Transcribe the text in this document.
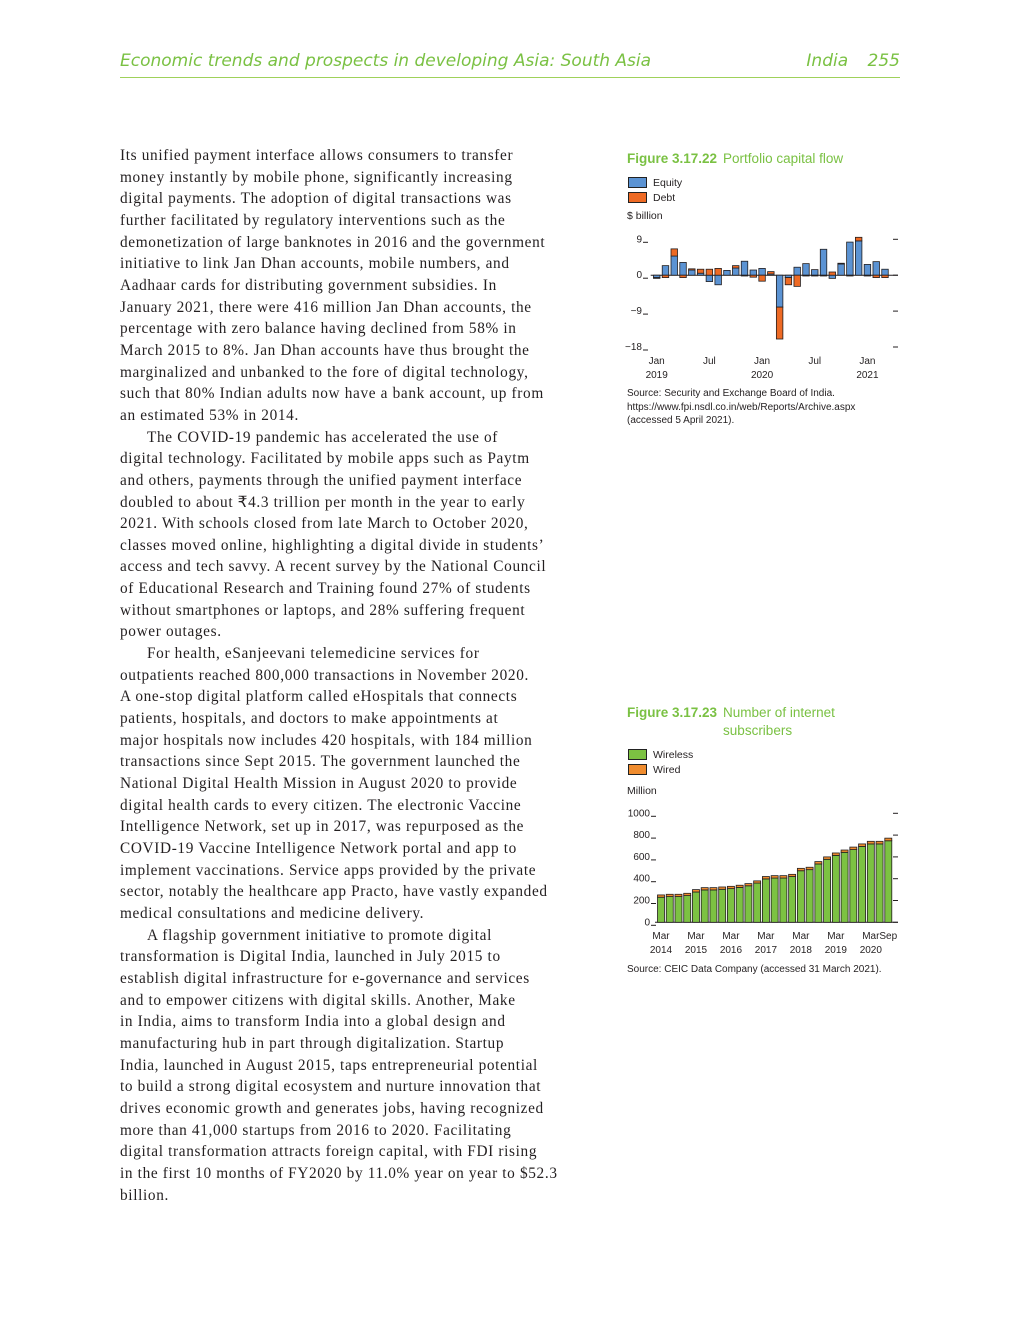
Economic trends and prospects in developing Asia: South Asia	India 255
Its unified payment interface allows consumers to transfer
money instantly by mobile phone, significantly increasing
digital payments. The adoption of digital transactions was
further facilitated by regulatory interventions such as the
demonetization of large banknotes in 2016 and the government
initiative to link Jan Dhan accounts, mobile numbers, and
Aadhaar cards for distributing government subsidies. In
January 2021, there were 416 million Jan Dhan accounts, the
percentage with zero balance having declined from 58% in
March 2015 to 8%. Jan Dhan accounts have thus brought the
marginalized and unbanked to the fore of digital technology,
such that 80% Indian adults now have a bank account, up from
an estimated 53% in 2014.
The COVID-19 pandemic has accelerated the use of
digital technology. Facilitated by mobile apps such as Paytm
and others, payments through the unified payment interface
doubled to about ₹4.3 trillion per month in the year to early
2021. With schools closed from late March to October 2020,
classes moved online, highlighting a digital divide in students’
access and tech savvy. A recent survey by the National Council
of Educational Research and Training found 27% of students
without smartphones or laptops, and 28% suffering frequent
power outages.
For health, eSanjeevani telemedicine services for
outpatients reached 800,000 transactions in November 2020.
A one-stop digital platform called eHospitals that connects
patients, hospitals, and doctors to make appointments at
major hospitals now includes 420 hospitals, with 184 million
transactions since Sept 2015. The government launched the
National Digital Health Mission in August 2020 to provide
digital health cards to every citizen. The electronic Vaccine
Intelligence Network, set up in 2017, was repurposed as the
COVID-19 Vaccine Intelligence Network portal and app to
implement vaccinations. Service apps provided by the private
sector, notably the healthcare app Practo, have vastly expanded
medical consultations and medicine delivery.
A flagship government initiative to promote digital
transformation is Digital India, launched in July 2015 to
establish digital infrastructure for e-governance and services
and to empower citizens with digital skills. Another, Make
in India, aims to transform India into a global design and
manufacturing hub in part through digitalization. Startup
India, launched in August 2015, taps entrepreneurial potential
to build a strong digital ecosystem and nurture innovation that
drives economic growth and generates jobs, having recognized
more than 41,000 startups from 2016 to 2020. Facilitating
digital transformation attracts foreign capital, with FDI rising
in the first 10 months of FY2020 by 11.0% year on year to $52.3
billion.
Figure 3.17.22 Portfolio capital flow
Equity
Debt
$ billion
9
0
−9
−18
Jan
2019
Jul	Jan
2020
Jul	Jan
2021
Source: Security and Exchange Board of India. https://www.fpi.nsdl.co.in/web/Reports/Archive.aspx (accessed 5 April 2021).
Figure 3.17.23 Number of internet subscribers
Wireless
Wired
Million
1000
800
600
400
200
0
Mar
2014
Mar
2015
Mar
2016
Mar
2017
Mar
2018
Mar
2019
Mar
2020
Sep
Source: CEIC Data Company (accessed 31 March 2021).
